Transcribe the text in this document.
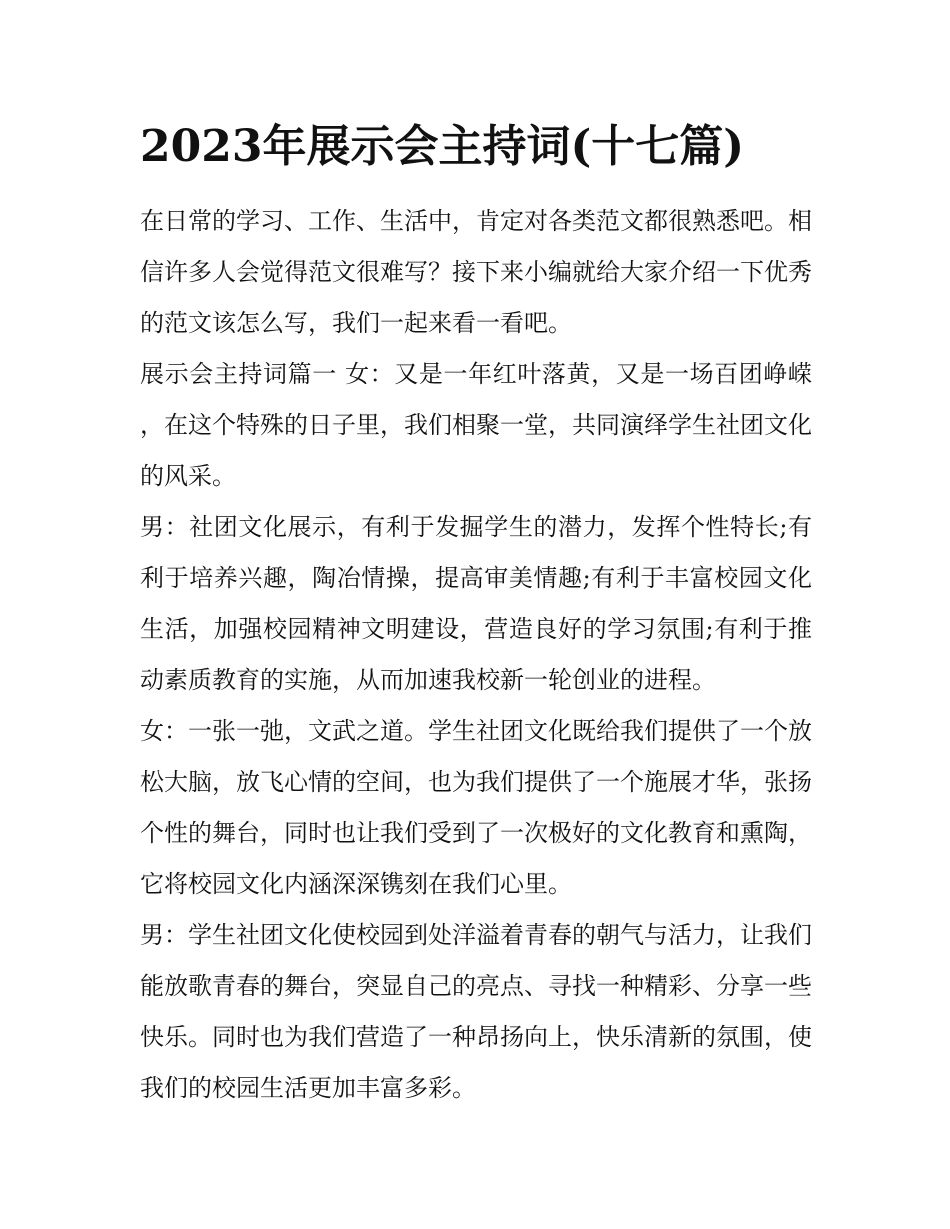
2023年展示会主持词(十七篇)

在日常的学习、工作、生活中，肯定对各类范文都很熟悉吧。相信许多人会觉得范文很难写？接下来小编就给大家介绍一下优秀的范文该怎么写，我们一起来看一看吧。

展示会主持词篇一 女：又是一年红叶落黄，又是一场百团峥嵘，在这个特殊的日子里，我们相聚一堂，共同演绎学生社团文化的风采。

男：社团文化展示，有利于发掘学生的潜力，发挥个性特长;有利于培养兴趣，陶冶情操，提高审美情趣;有利于丰富校园文化生活，加强校园精神文明建设，营造良好的学习氛围;有利于推动素质教育的实施，从而加速我校新一轮创业的进程。

女：一张一弛，文武之道。学生社团文化既给我们提供了一个放松大脑，放飞心情的空间，也为我们提供了一个施展才华，张扬个性的舞台，同时也让我们受到了一次极好的文化教育和熏陶，它将校园文化内涵深深镌刻在我们心里。

男：学生社团文化使校园到处洋溢着青春的朝气与活力，让我们能放歌青春的舞台，突显自己的亮点、寻找一种精彩、分享一些快乐。同时也为我们营造了一种昂扬向上，快乐清新的氛围，使我们的校园生活更加丰富多彩。
